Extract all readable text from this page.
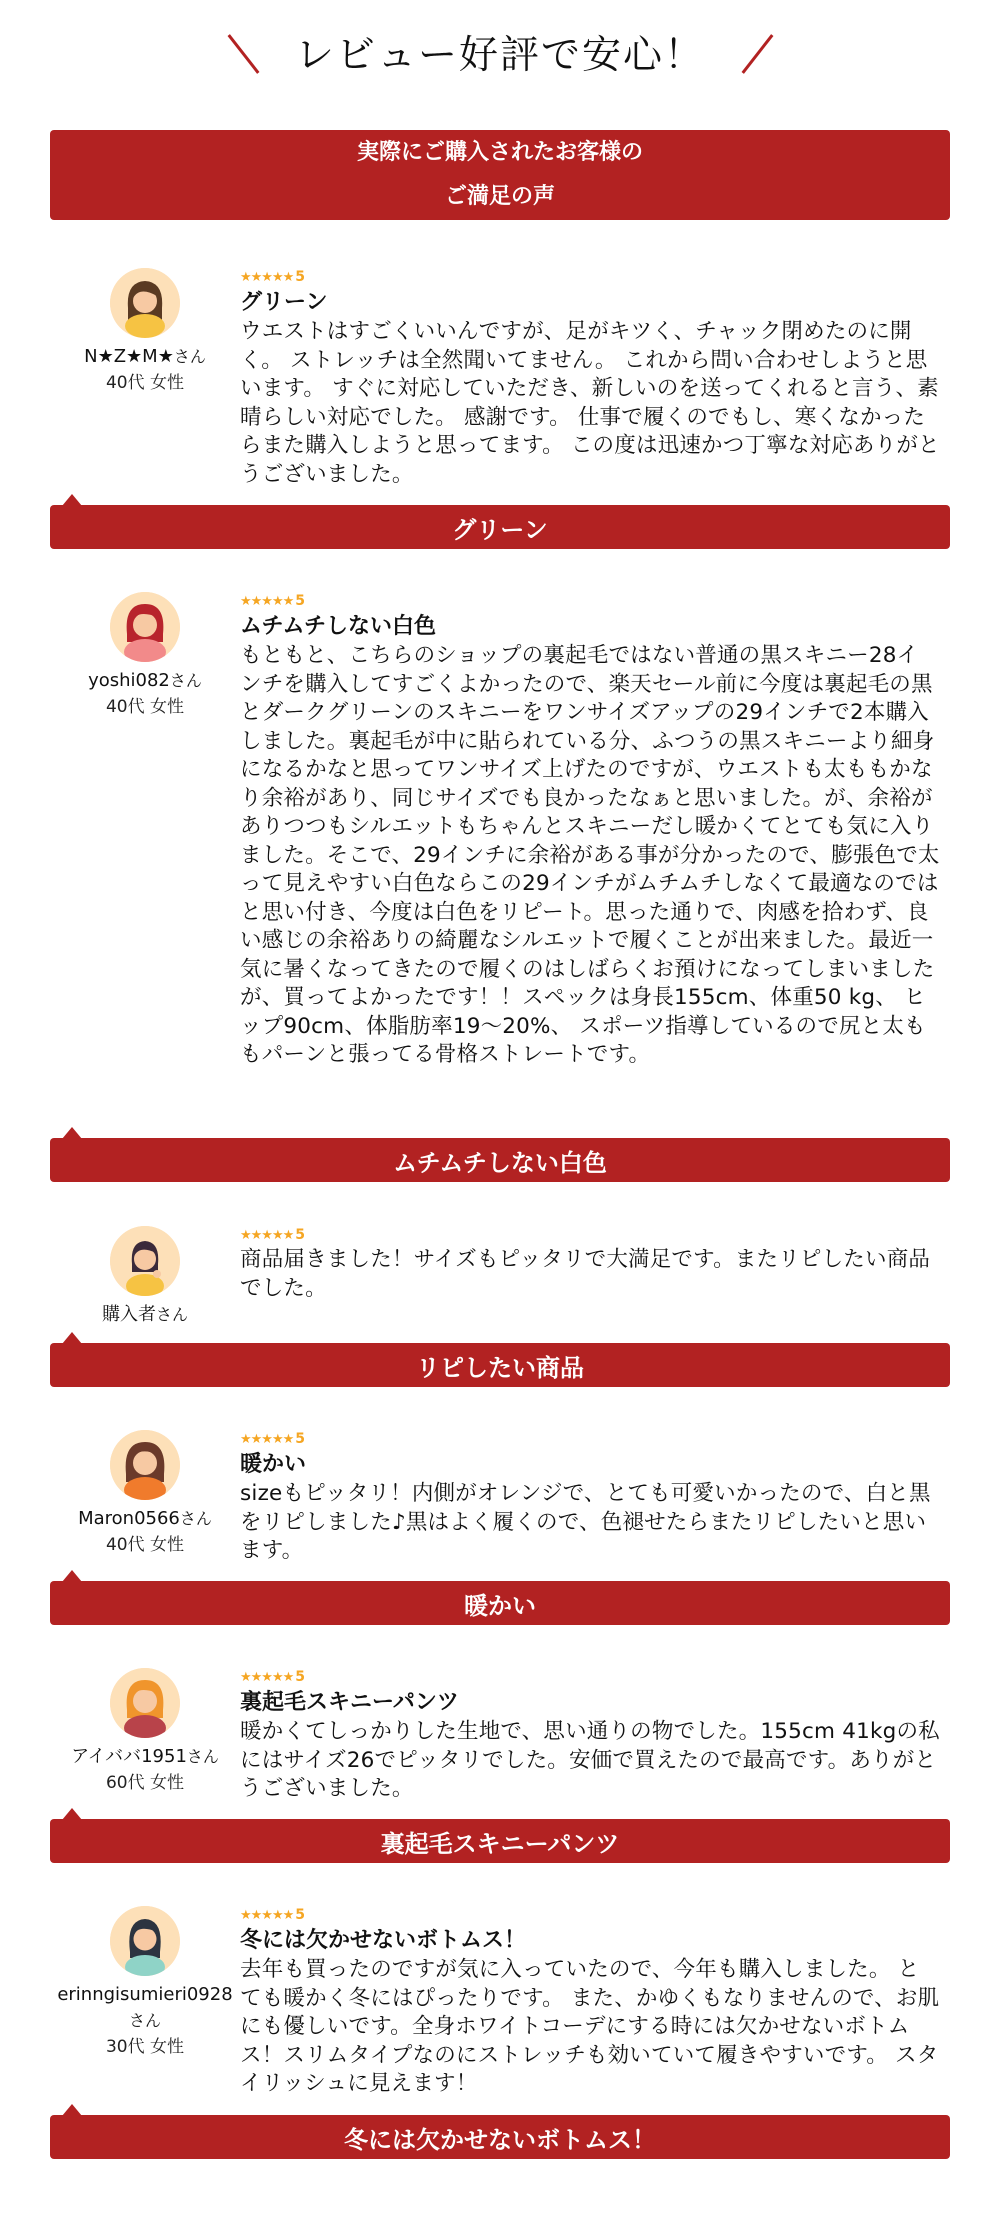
レビュー好評で安心！
実際にご購入されたお客様の
ご満足の声
N★Z★M★さん
40代 女性
★★★★★ 5
グリーン
ウエストはすごくいいんですが、足がキツく、チャック閉めたのに開く。 ストレッチは全然聞いてません。 これから問い合わせしようと思います。 すぐに対応していただき、新しいのを送ってくれると言う、素晴らしい対応でした。 感謝です。 仕事で履くのでもし、寒くなかったらまた購入しようと思ってます。 この度は迅速かつ丁寧な対応ありがとうございました。
グリーン
yoshi082さん
40代 女性
★★★★★ 5
ムチムチしない白色
もともと、こちらのショップの裏起毛ではない普通の黒スキニー28インチを購入してすごくよかったので、楽天セール前に今度は裏起毛の黒とダークグリーンのスキニーをワンサイズアップの29インチで2本購入しました。裏起毛が中に貼られている分、ふつうの黒スキニーより細身になるかなと思ってワンサイズ上げたのですが、ウエストも太ももかなり余裕があり、同じサイズでも良かったなぁと思いました。が、余裕がありつつもシルエットもちゃんとスキニーだし暖かくてとても気に入りました。そこで、29インチに余裕がある事が分かったので、膨張色で太って見えやすい白色ならこの29インチがムチムチしなくて最適なのではと思い付き、今度は白色をリピート。思った通りで、肉感を拾わず、良い感じの余裕ありの綺麗なシルエットで履くことが出来ました。最近一気に暑くなってきたので履くのはしばらくお預けになってしまいましたが、買ってよかったです！！スペックは身長155cm、体重50 kg、 ヒップ90cm、体脂肪率19〜20%、 スポーツ指導しているので尻と太ももパーンと張ってる骨格ストレートです。
ムチムチしない白色
購入者さん
★★★★★ 5
商品届きました！サイズもピッタリで大満足です。またリピしたい商品でした。
リピしたい商品
Maron0566さん
40代 女性
★★★★★ 5
暖かい
sizeもピッタリ！内側がオレンジで、とても可愛いかったので、白と黒をリピしました♪黒はよく履くので、色褪せたらまたリピしたいと思います。
暖かい
アイババ1951さん
60代 女性
★★★★★ 5
裏起毛スキニーパンツ
暖かくてしっかりした生地で、思い通りの物でした。155cm 41kgの私にはサイズ26でピッタリでした。安価で買えたので最高です。ありがとうございました。
裏起毛スキニーパンツ
erinngisumieri0928
さん
30代 女性
★★★★★ 5
冬には欠かせないボトムス！
去年も買ったのですが気に入っていたので、今年も購入しました。 とても暖かく冬にはぴったりです。 また、かゆくもなりませんので、お肌にも優しいです。全身ホワイトコーデにする時には欠かせないボトムス！スリムタイプなのにストレッチも効いていて履きやすいです。 スタイリッシュに見えます！
冬には欠かせないボトムス！
